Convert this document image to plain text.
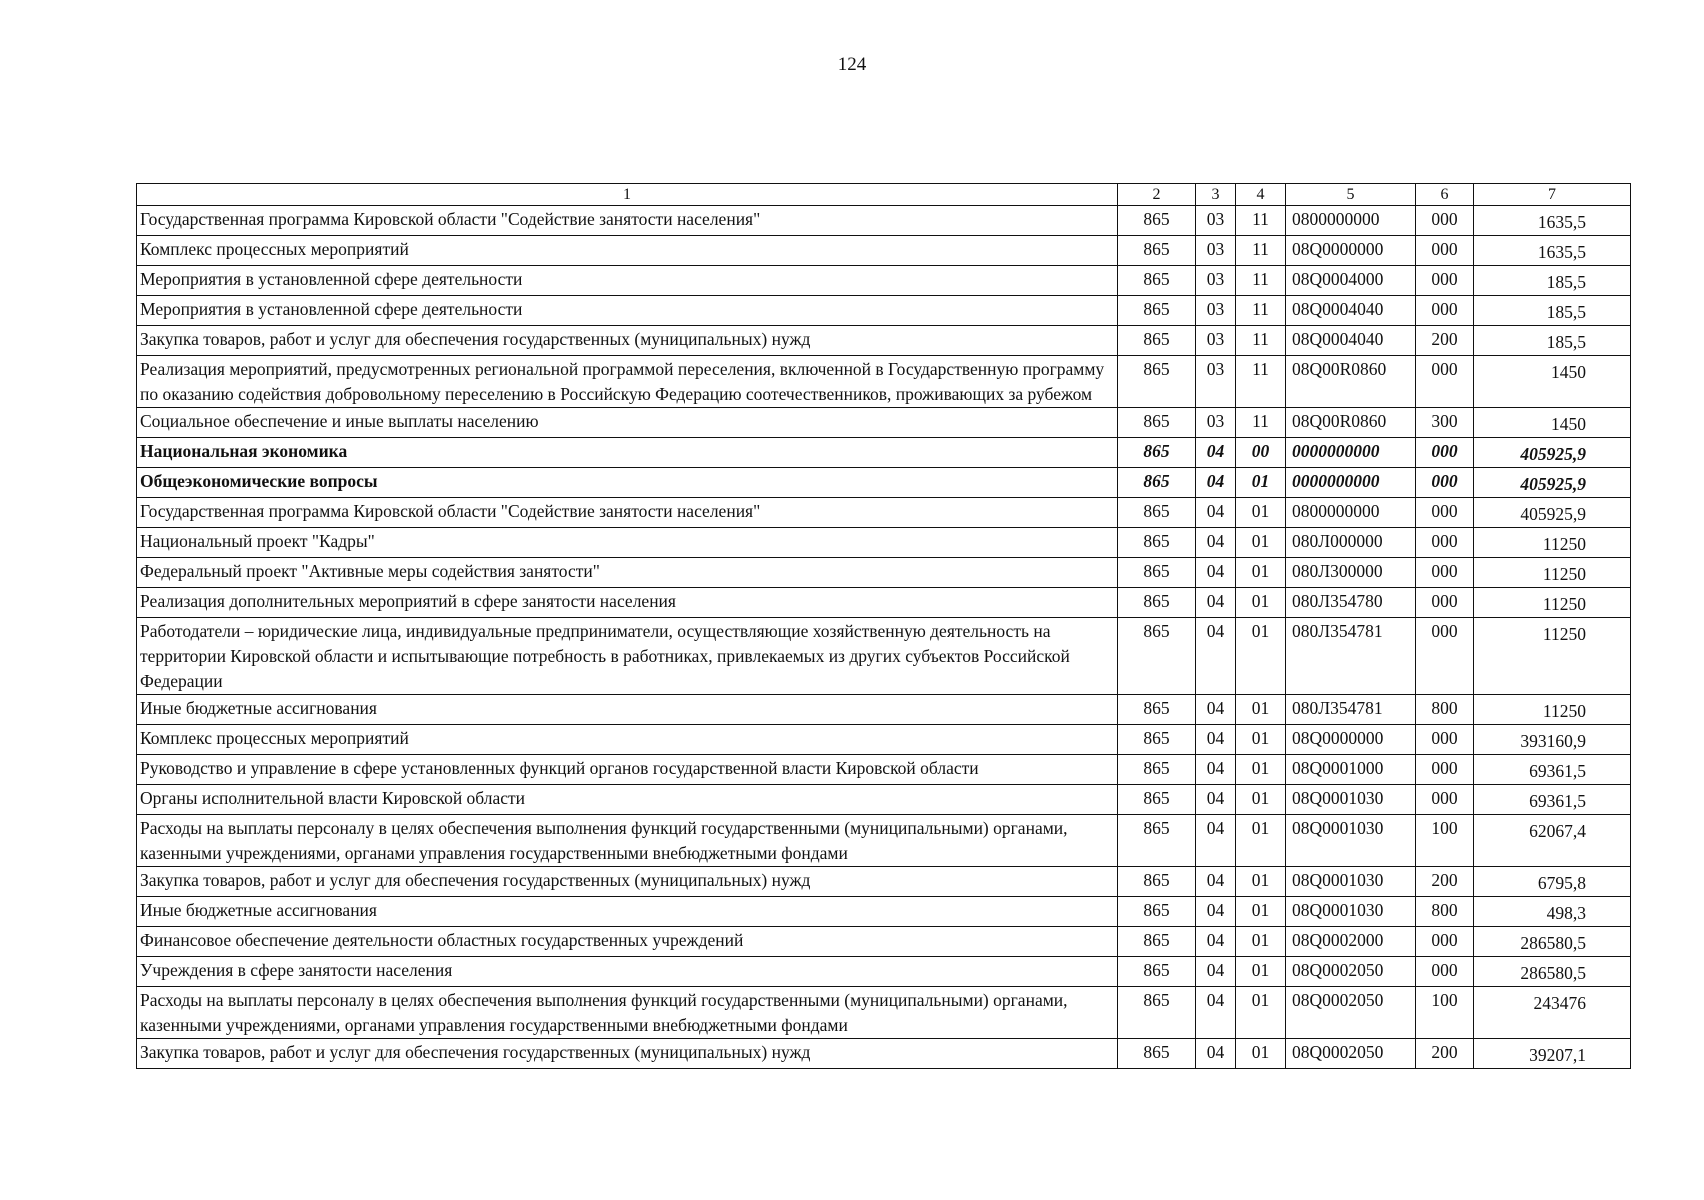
124
1	2	3	4	5	6	7
Государственная программа Кировской области "Содействие занятости населения"	865	03	11	0800000000	000	1635,5
Комплекс процессных мероприятий	865	03	11	08Q0000000	000	1635,5
Мероприятия в установленной сфере деятельности	865	03	11	08Q0004000	000	185,5
Мероприятия в установленной сфере деятельности	865	03	11	08Q0004040	000	185,5
Закупка товаров, работ и услуг для обеспечения государственных (муниципальных) нужд	865	03	11	08Q0004040	200	185,5
Реализация мероприятий, предусмотренных региональной программой переселения, включенной в Государственную программу по оказанию содействия добровольному переселению в Российскую Федерацию соотечественников, проживающих за рубежом	865	03	11	08Q00R0860	000	1450
Социальное обеспечение и иные выплаты населению	865	03	11	08Q00R0860	300	1450
Национальная экономика	865	04	00	0000000000	000	405925,9
Общеэкономические вопросы	865	04	01	0000000000	000	405925,9
Государственная программа Кировской области "Содействие занятости населения"	865	04	01	0800000000	000	405925,9
Национальный проект "Кадры"	865	04	01	080Л000000	000	11250
Федеральный проект "Активные меры содействия занятости"	865	04	01	080Л300000	000	11250
Реализация дополнительных мероприятий в сфере занятости населения	865	04	01	080Л354780	000	11250
Работодатели – юридические лица, индивидуальные предприниматели, осуществляющие хозяйственную деятельность на территории Кировской области и испытывающие потребность в работниках, привлекаемых из других субъектов Российской Федерации	865	04	01	080Л354781	000	11250
Иные бюджетные ассигнования	865	04	01	080Л354781	800	11250
Комплекс процессных мероприятий	865	04	01	08Q0000000	000	393160,9
Руководство и управление в сфере установленных функций органов государственной власти Кировской области	865	04	01	08Q0001000	000	69361,5
Органы исполнительной власти Кировской области	865	04	01	08Q0001030	000	69361,5
Расходы на выплаты персоналу в целях обеспечения выполнения функций государственными (муниципальными) органами, казенными учреждениями, органами управления государственными внебюджетными фондами	865	04	01	08Q0001030	100	62067,4
Закупка товаров, работ и услуг для обеспечения государственных (муниципальных) нужд	865	04	01	08Q0001030	200	6795,8
Иные бюджетные ассигнования	865	04	01	08Q0001030	800	498,3
Финансовое обеспечение деятельности областных государственных учреждений	865	04	01	08Q0002000	000	286580,5
Учреждения в сфере занятости населения	865	04	01	08Q0002050	000	286580,5
Расходы на выплаты персоналу в целях обеспечения выполнения функций государственными (муниципальными) органами, казенными учреждениями, органами управления государственными внебюджетными фондами	865	04	01	08Q0002050	100	243476
Закупка товаров, работ и услуг для обеспечения государственных (муниципальных) нужд	865	04	01	08Q0002050	200	39207,1
